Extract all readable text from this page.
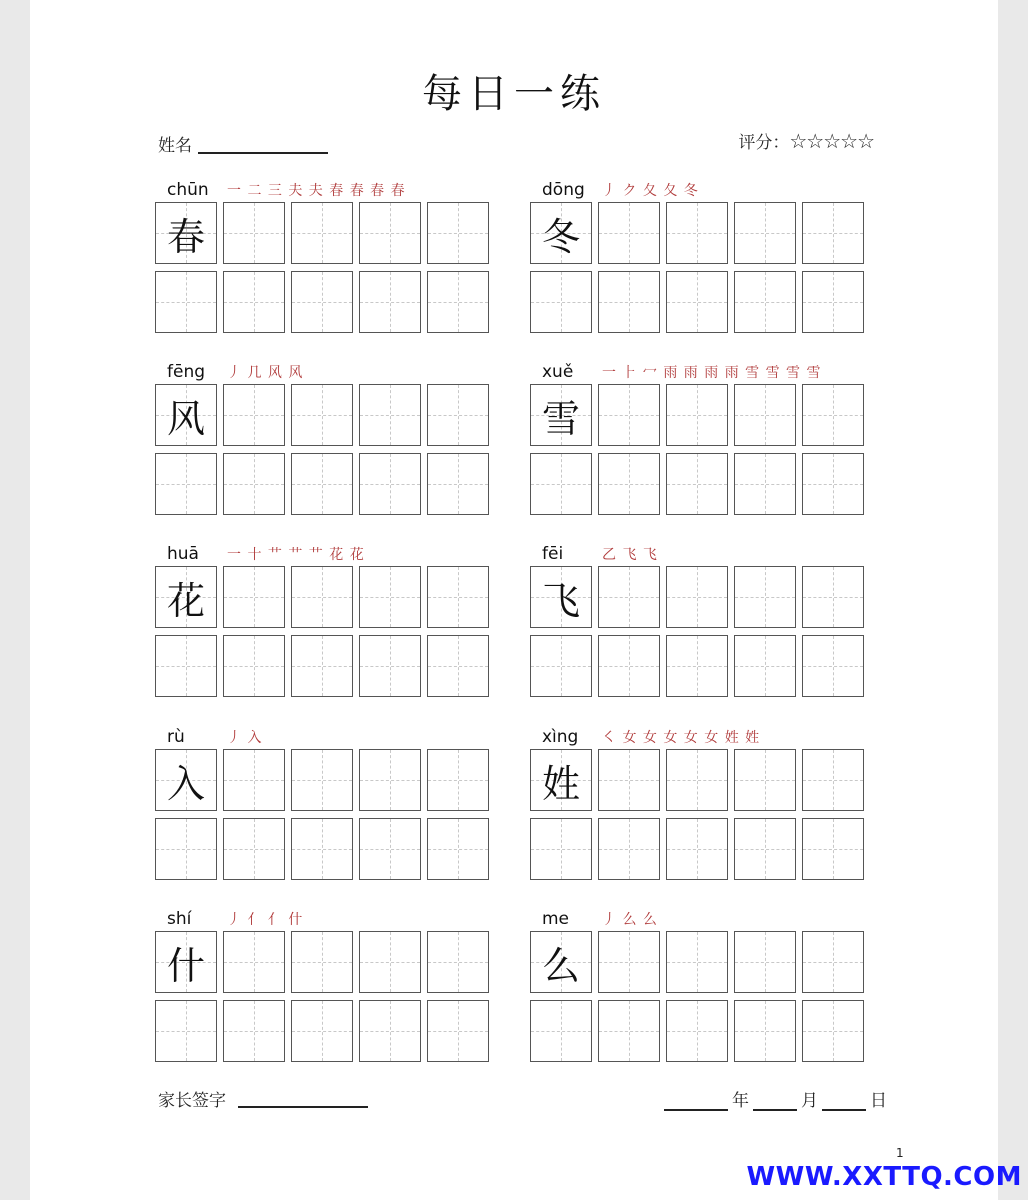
每日一练
姓名	评分：☆☆☆☆☆
chūn 一 二 三 夫 夫 春 春 春 春
春
dōng 丿 ク 夂 夂 冬
冬
fēng 丿 几 风 风
风
xuě 一 ⺊ 冖 雨 雨 雨 雨 雪 雪 雪 雪
雪
huā 一 十 艹 艹 艹 花 花
花
fēi	乙 飞 飞
飞
rù	丿 入
入
xìng ㇛ 女 女 女 女 女 姓 姓
姓
shí	丿 亻 亻 什
什
me 丿 么 么
么
家长签字	年	月	日
1
WWW.XXTTQ.COM
